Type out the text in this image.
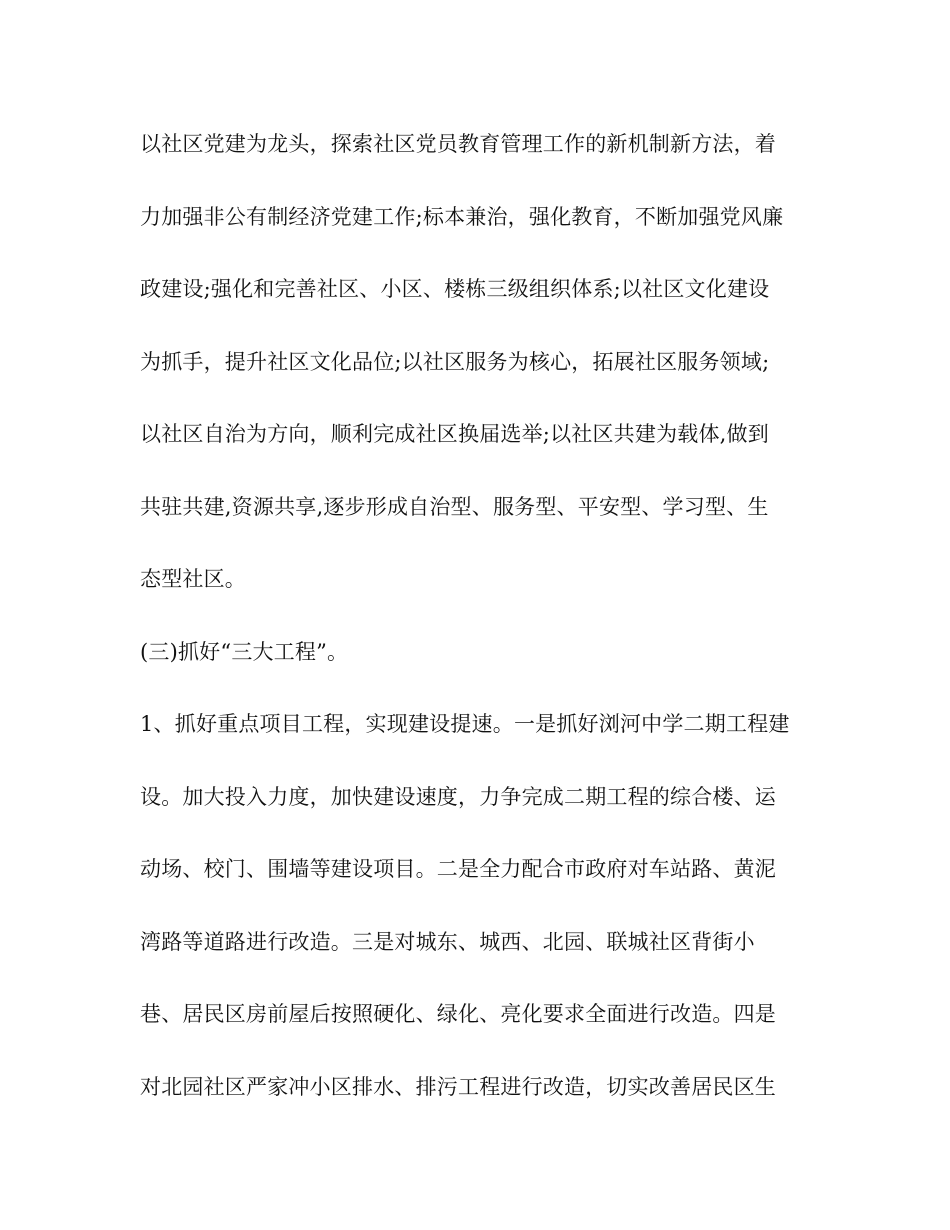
以社区党建为龙头，探索社区党员教育管理工作的新机制新方法，着
力加强非公有制经济党建工作;标本兼治，强化教育，不断加强党风廉
政建设;强化和完善社区、小区、楼栋三级组织体系;以社区文化建设
为抓手，提升社区文化品位;以社区服务为核心，拓展社区服务领域;
以社区自治为方向，顺利完成社区换届选举;以社区共建为载体,做到
共驻共建,资源共享,逐步形成自治型、服务型、平安型、学习型、生
态型社区。
(三)抓好“三大工程”。
1、抓好重点项目工程，实现建设提速。一是抓好浏河中学二期工程建
设。加大投入力度，加快建设速度，力争完成二期工程的综合楼、运
动场、校门、围墙等建设项目。二是全力配合市政府对车站路、黄泥
湾路等道路进行改造。三是对城东、城西、北园、联城社区背街小
巷、居民区房前屋后按照硬化、绿化、亮化要求全面进行改造。四是
对北园社区严家冲小区排水、排污工程进行改造，切实改善居民区生
